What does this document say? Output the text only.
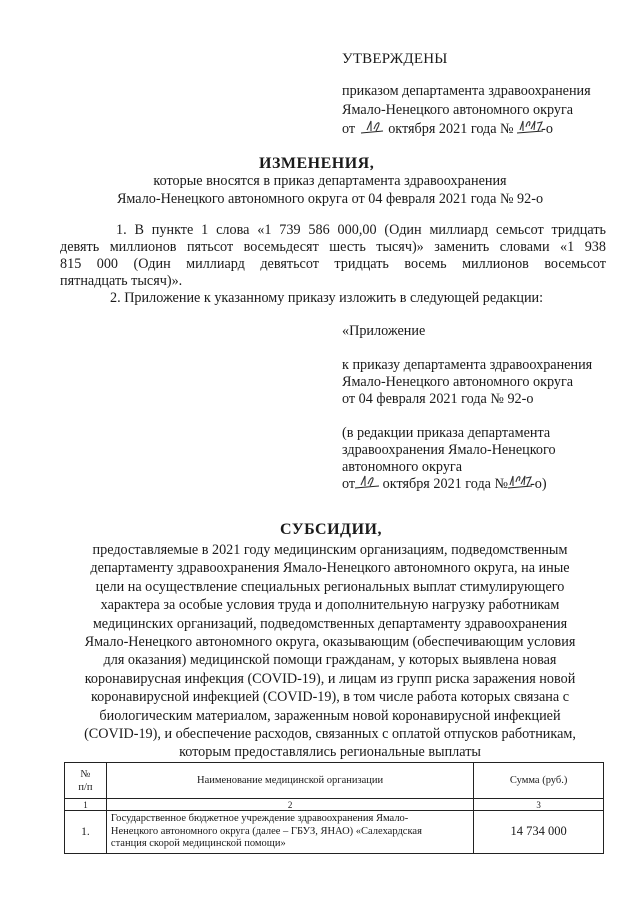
УТВЕРЖДЕНЫ
приказом департамента здравоохранения
Ямало-Ненецкого автономного округа
от	19 октября 2021 года №	1037 -о
ИЗМЕНЕНИЯ,
которые вносятся в приказ департамента здравоохранения
Ямало-Ненецкого автономного округа от 04 февраля 2021 года № 92-о
1. В пункте 1 слова «1 739 586 000,00 (Один миллиард семьсот тридцать
девять миллионов пятьсот восемьдесят шесть тысяч)» заменить словами «1 938
815 000 (Один миллиард девятьсот тридцать восемь миллионов восемьсот
пятнадцать тысяч)».
2. Приложение к указанному приказу изложить в следующей редакции:
«Приложение
к приказу департамента здравоохранения
Ямало-Ненецкого автономного округа
от 04 февраля 2021 года № 92-о
(в редакции приказа департамента
здравоохранения Ямало-Ненецкого
автономного округа
от	19 октября 2021 года №	1037 -о)
СУБСИДИИ,
предоставляемые в 2021 году медицинским организациям, подведомственным
департаменту здравоохранения Ямало-Ненецкого автономного округа, на иные
цели на осуществление специальных региональных выплат стимулирующего
характера за особые условия труда и дополнительную нагрузку работникам
медицинских организаций, подведомственных департаменту здравоохранения
Ямало-Ненецкого автономного округа, оказывающим (обеспечивающим условия
для оказания) медицинской помощи гражданам, у которых выявлена новая
коронавирусная инфекция (COVID-19), и лицам из групп риска заражения новой
коронавирусной инфекцией (COVID-19), в том числе работа которых связана с
биологическим материалом, зараженным новой коронавирусной инфекцией
(COVID-19), и обеспечение расходов, связанных с оплатой отпусков работникам,
которым предоставлялись региональные выплаты
№
п/п	Наименование медицинской организации	Сумма (руб.)
1	2	3
1.	Государственное бюджетное учреждение здравоохранения Ямало-
Ненецкого автономного округа (далее – ГБУЗ, ЯНАО) «Салехардская
станция скорой медицинской помощи»	14 734 000
